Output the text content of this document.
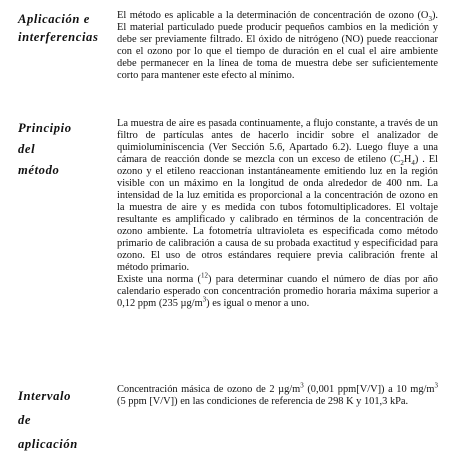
Aplicación e
interferencias
El método es aplicable a la determinación de concentración de ozono $(O_3)$. El material particulado puede producir pequeños cambios en la medición y debe ser previamente filtrado. El óxido de nitrógeno (NO) puede reaccionar con el ozono por lo que el tiempo de duración en el cual el aire ambiente debe permanecer en la línea de toma de muestra debe ser suficientemente corto para mantener este efecto al mínimo.
Principio
del
método
La muestra de aire es pasada continuamente, a flujo constante, a través de un filtro de partículas antes de hacerlo incidir sobre el analizador de quimioluminiscencia (Ver Sección 5.6, Apartado 6.2). Luego fluye a una cámara de reacción donde se mezcla con un exceso de etileno $(C_2H_4)$ . El ozono y el etileno reaccionan instantáneamente emitiendo luz en la región visible con un máximo en la longitud de onda alrededor de 400 nm. La intensidad de la luz emitida es proporcional a la concentración de ozono en la muestra de aire y es medida con tubos fotomultiplicadores. El voltaje resultante es amplificado y calibrado en términos de la concentración de ozono ambiente. La fotometría ultravioleta es especificada como método primario de calibración a causa de su probada exactitud y especificidad para ozono. El uso de otros estándares requiere previa calibración frente al método primario.
Existe una norma ($^{12}$) para determinar cuando el número de días por año calendario esperado con concentración promedio horaria máxima superior a 0,12 ppm (235 $\mu g/m^3$) es igual o menor a uno.
Intervalo
de
aplicación
Concentración másica de ozono de 2 $\mu g/m^3$ (0,001 ppm[V/V]) a 10 $mg/m^3$ (5 ppm [V/V]) en las condiciones de referencia de 298 K y 101,3 kPa.
